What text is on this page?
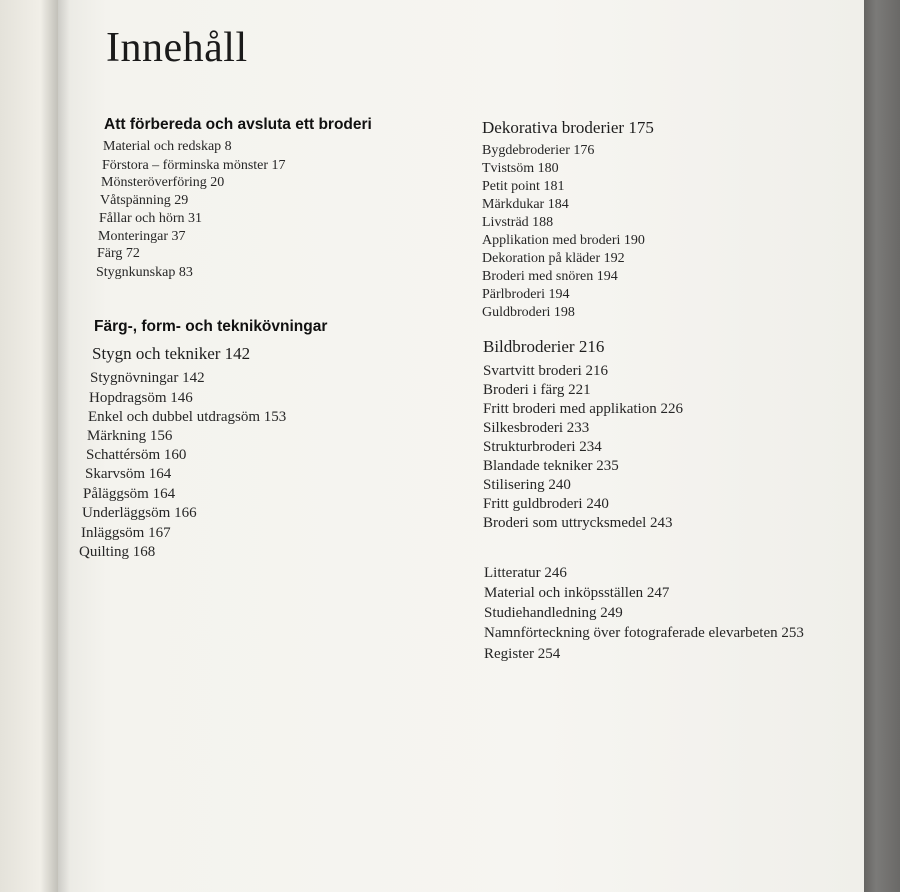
Innehåll
Att förbereda och avsluta ett broderi
Material och redskap 8
Förstora – förminska mönster 17
Mönsteröverföring 20
Våtspänning 29
Fållar och hörn 31
Monteringar 37
Färg 72
Stygnkunskap 83
Färg-, form- och teknikövningar
Stygn och tekniker 142
Stygnövningar 142
Hopdragsöm 146
Enkel och dubbel utdragsöm 153
Märkning 156
Schattérsöm 160
Skarvsöm 164
Påläggsöm 164
Underläggsöm 166
Inläggsöm 167
Quilting 168
Dekorativa broderier 175
Bygdebroderier 176
Tvistsöm 180
Petit point 181
Märkdukar 184
Livsträd 188
Applikation med broderi 190
Dekoration på kläder 192
Broderi med snören 194
Pärlbroderi 194
Guldbroderi 198
Bildbroderier 216
Svartvitt broderi 216
Broderi i färg 221
Fritt broderi med applikation 226
Silkesbroderi 233
Strukturbroderi 234
Blandade tekniker 235
Stilisering 240
Fritt guldbroderi 240
Broderi som uttrycksmedel 243
Litteratur 246
Material och inköpsställen 247
Studiehandledning 249
Namnförteckning över fotograferade elevarbeten 253
Register 254
